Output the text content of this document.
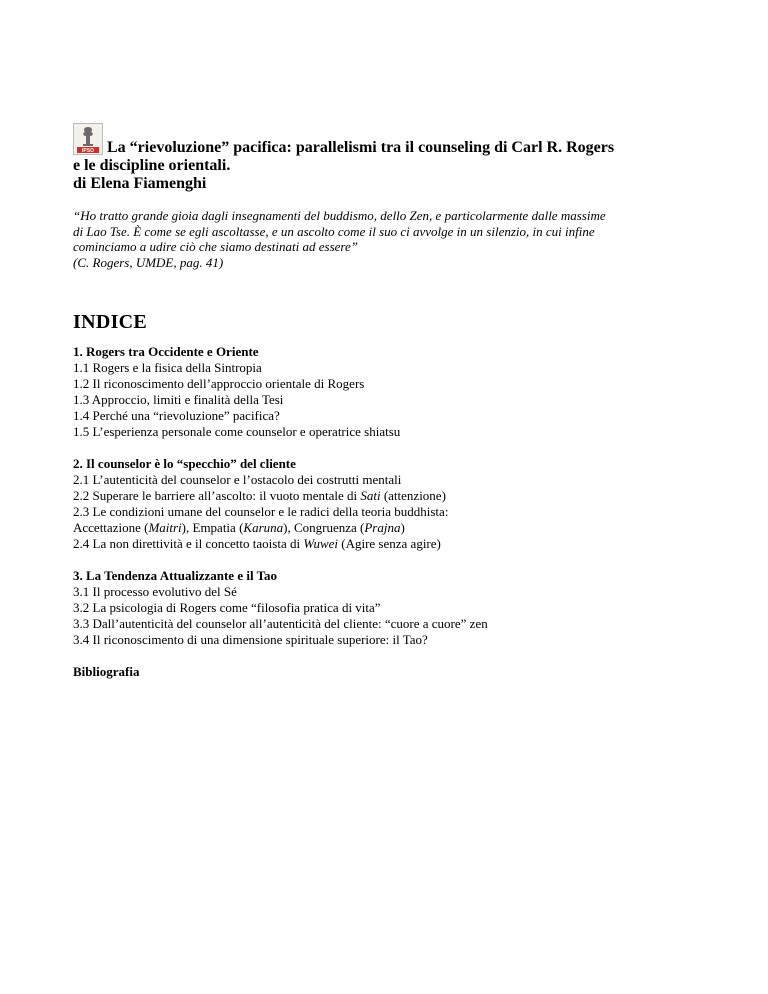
IPSO La “rievoluzione” pacifica: parallelismi tra il counseling di Carl R. Rogers
e le discipline orientali.
di Elena Fiamenghi
“Ho tratto grande gioia dagli insegnamenti del buddismo, dello Zen, e particolarmente dalle massime
di Lao Tse. È come se egli ascoltasse, e un ascolto come il suo ci avvolge in un silenzio, in cui infine
cominciamo a udire ciò che siamo destinati ad essere”
(C. Rogers, UMDE, pag. 41)
INDICE
1. Rogers tra Occidente e Oriente
1.1 Rogers e la fisica della Sintropia
1.2 Il riconoscimento dell’approccio orientale di Rogers
1.3 Approccio, limiti e finalità della Tesi
1.4 Perché una “rievoluzione” pacifica?
1.5 L’esperienza personale come counselor e operatrice shiatsu
2. Il counselor è lo “specchio” del cliente
2.1 L’autenticità del counselor e l’ostacolo dei costrutti mentali
2.2 Superare le barriere all’ascolto: il vuoto mentale di Sati (attenzione)
2.3 Le condizioni umane del counselor e le radici della teoria buddhista:
Accettazione (Maitri), Empatia (Karuna), Congruenza (Prajna)
2.4 La non direttività e il concetto taoista di Wuwei (Agire senza agire)
3. La Tendenza Attualizzante e il Tao
3.1 Il processo evolutivo del Sé
3.2 La psicologia di Rogers come “filosofia pratica di vita”
3.3 Dall’autenticità del counselor all’autenticità del cliente: “cuore a cuore” zen
3.4 Il riconoscimento di una dimensione spirituale superiore: il Tao?
Bibliografia
